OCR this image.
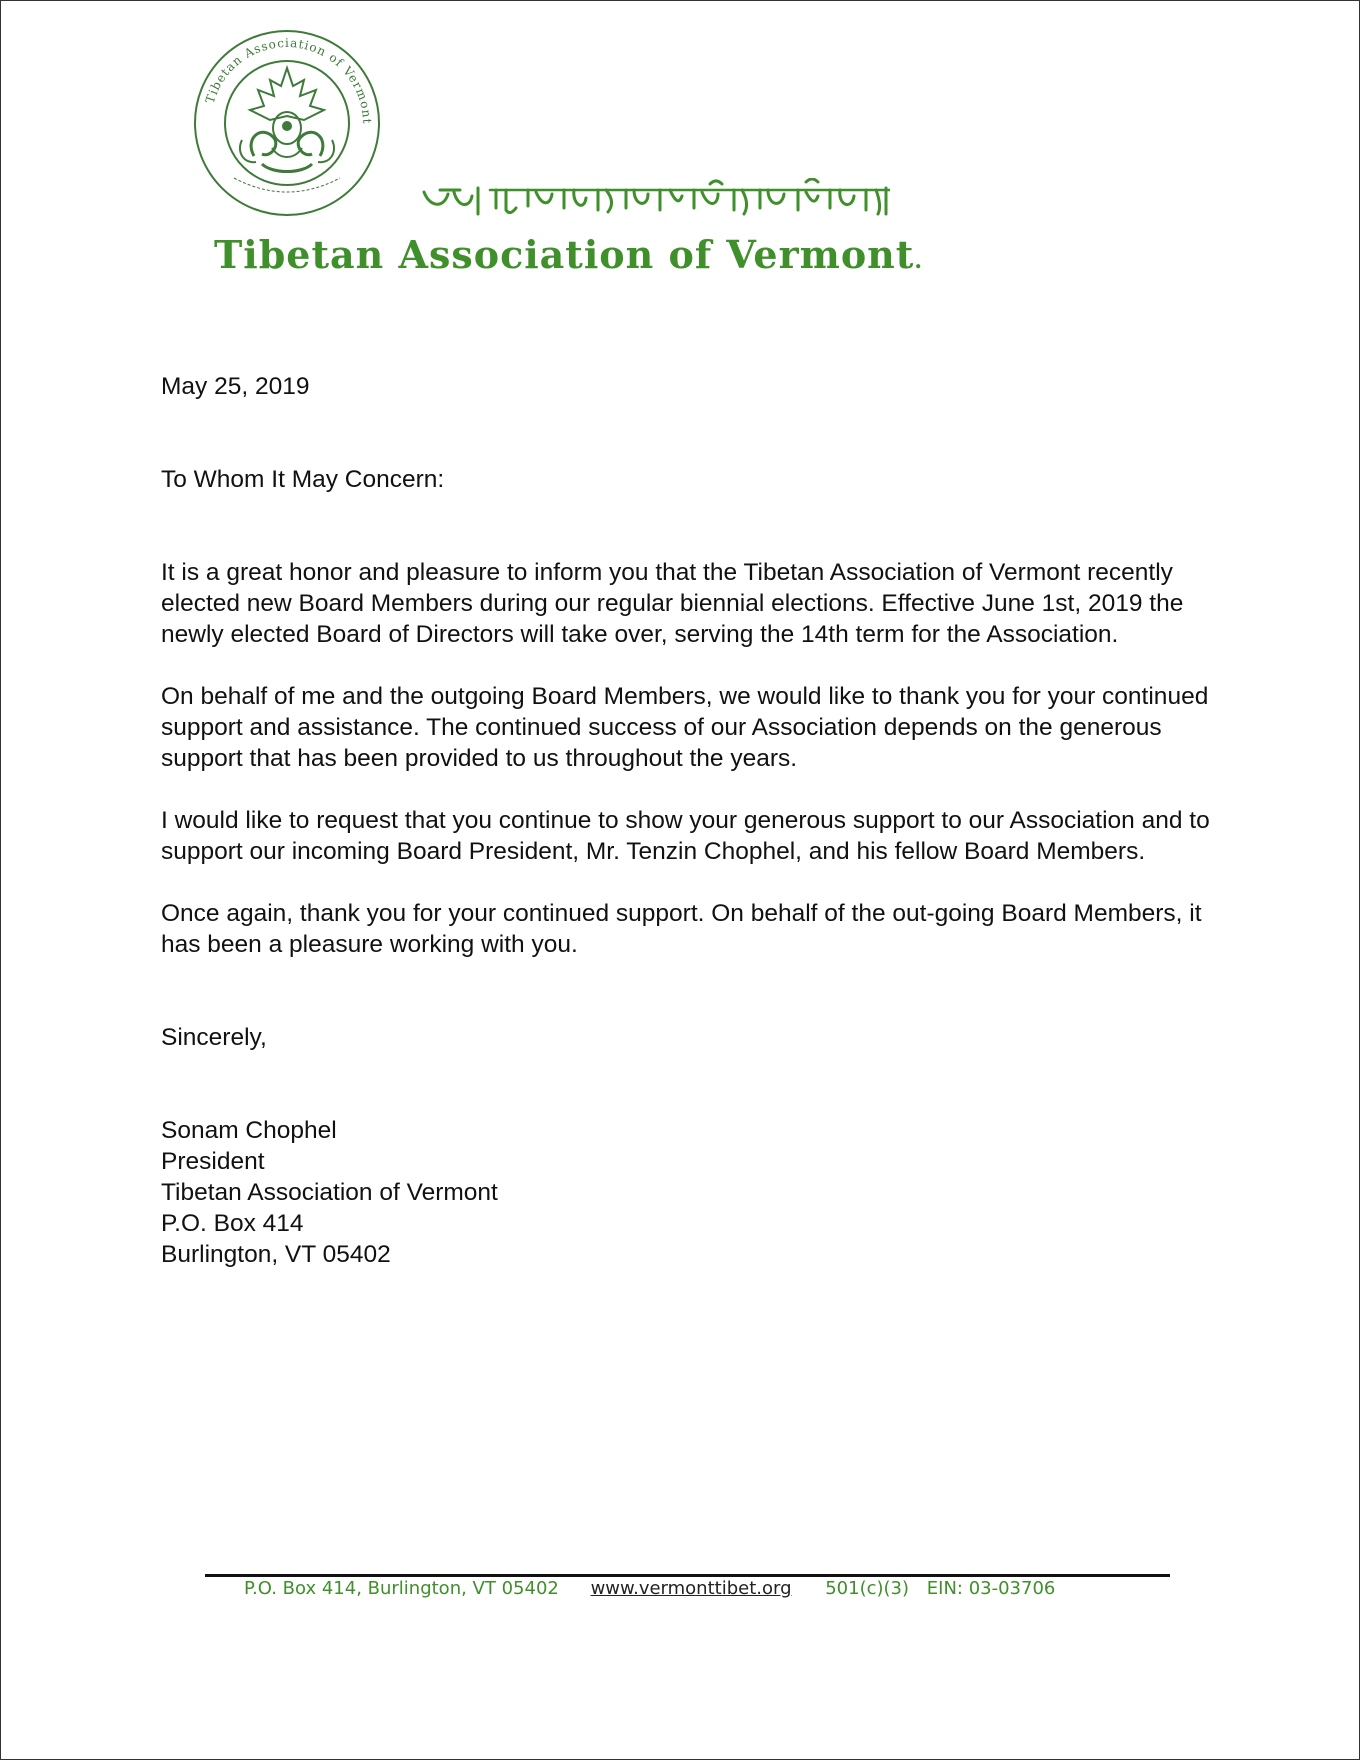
Tibetan Association of Vermont
Tibetan Association of Vermont.

May 25, 2019

To Whom It May Concern:

It is a great honor and pleasure to inform you that the Tibetan Association of Vermont recently elected new Board Members during our regular biennial elections. Effective June 1st, 2019 the newly elected Board of Directors will take over, serving the 14th term for the Association.

On behalf of me and the outgoing Board Members, we would like to thank you for your continued support and assistance. The continued success of our Association depends on the generous support that has been provided to us throughout the years.

I would like to request that you continue to show your generous support to our Association and to support our incoming Board President, Mr. Tenzin Chophel, and his fellow Board Members.

Once again, thank you for your continued support. On behalf of the out-going Board Members, it has been a pleasure working with you.

Sincerely,

Sonam Chophel
President
Tibetan Association of Vermont
P.O. Box 414
Burlington, VT 05402
P.O. Box 414, Burlington, VT 05402 www.vermonttibet.org 501(c)(3) EIN: 03-03706
